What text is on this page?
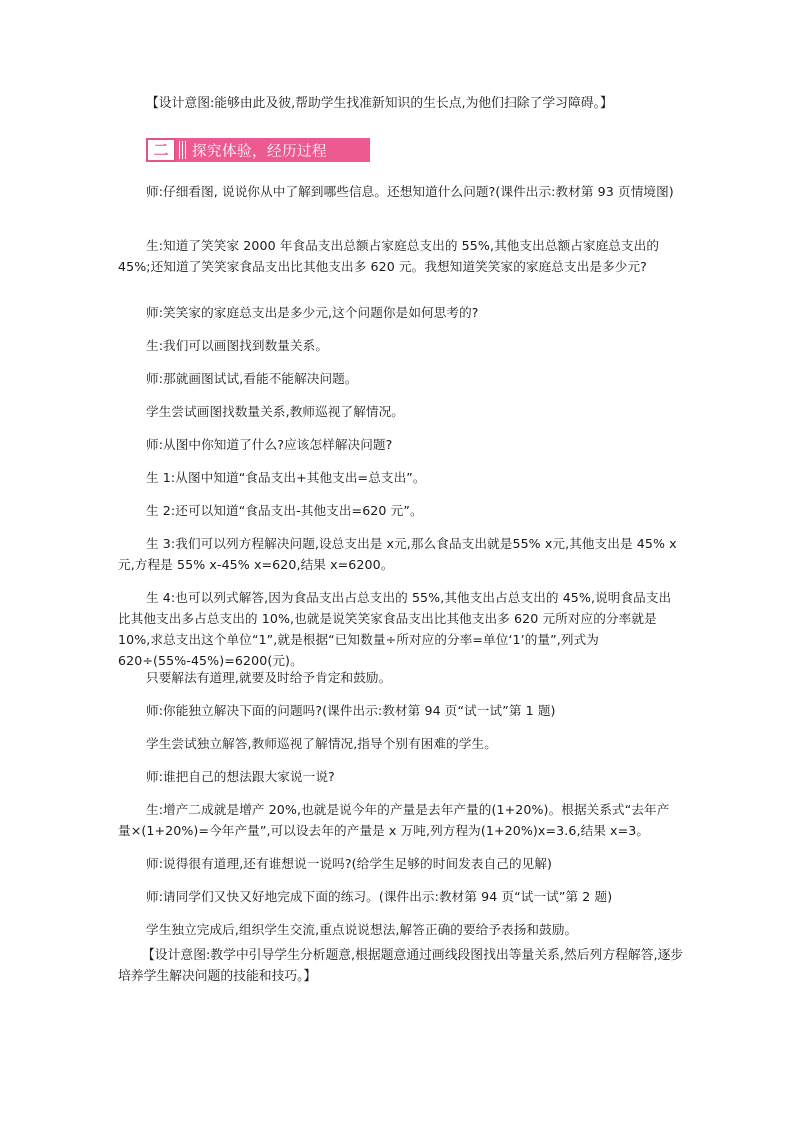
【设计意图:能够由此及彼,帮助学生找准新知识的生长点,为他们扫除了学习障碍。】

二	探究体验，经历过程

师:仔细看图, 说说你从中了解到哪些信息。还想知道什么问题?(课件出示:教材第 93 页情境图)

生:知道了笑笑家 2000 年食品支出总额占家庭总支出的 55%,其他支出总额占家庭总支出的 45%;还知道了笑笑家食品支出比其他支出多 620 元。我想知道笑笑家的家庭总支出是多少元?

师:笑笑家的家庭总支出是多少元,这个问题你是如何思考的?

生:我们可以画图找到数量关系。

师:那就画图试试,看能不能解决问题。

学生尝试画图找数量关系,教师巡视了解情况。

师:从图中你知道了什么?应该怎样解决问题?

生 1:从图中知道“食品支出+其他支出=总支出”。

生 2:还可以知道“食品支出-其他支出=620 元”。

生 3:我们可以列方程解决问题,设总支出是 x元,那么食品支出就是55% x元,其他支出是 45% x 元,方程是 55% x-45% x=620,结果 x=6200。

生 4:也可以列式解答,因为食品支出占总支出的 55%,其他支出占总支出的 45%,说明食品支出比其他支出多占总支出的 10%,也就是说笑笑家食品支出比其他支出多 620 元所对应的分率就是 10%,求总支出这个单位“1”,就是根据“已知数量÷所对应的分率=单位‘1’的量”,列式为 620÷(55%-45%)=6200(元)。

只要解法有道理,就要及时给予肯定和鼓励。

师:你能独立解决下面的问题吗?(课件出示:教材第 94 页“试一试”第 1 题)

学生尝试独立解答,教师巡视了解情况,指导个别有困难的学生。

师:谁把自己的想法跟大家说一说?

生:增产二成就是增产 20%,也就是说今年的产量是去年产量的(1+20%)。根据关系式“去年产量×(1+20%)=今年产量”,可以设去年的产量是 x 万吨,列方程为(1+20%)x=3.6,结果 x=3。

师:说得很有道理,还有谁想说一说吗?(给学生足够的时间发表自己的见解)

师:请同学们又快又好地完成下面的练习。(课件出示:教材第 94 页“试一试”第 2 题)

学生独立完成后,组织学生交流,重点说说想法,解答正确的要给予表扬和鼓励。

【设计意图:教学中引导学生分析题意,根据题意通过画线段图找出等量关系,然后列方程解答,逐步培养学生解决问题的技能和技巧。】
